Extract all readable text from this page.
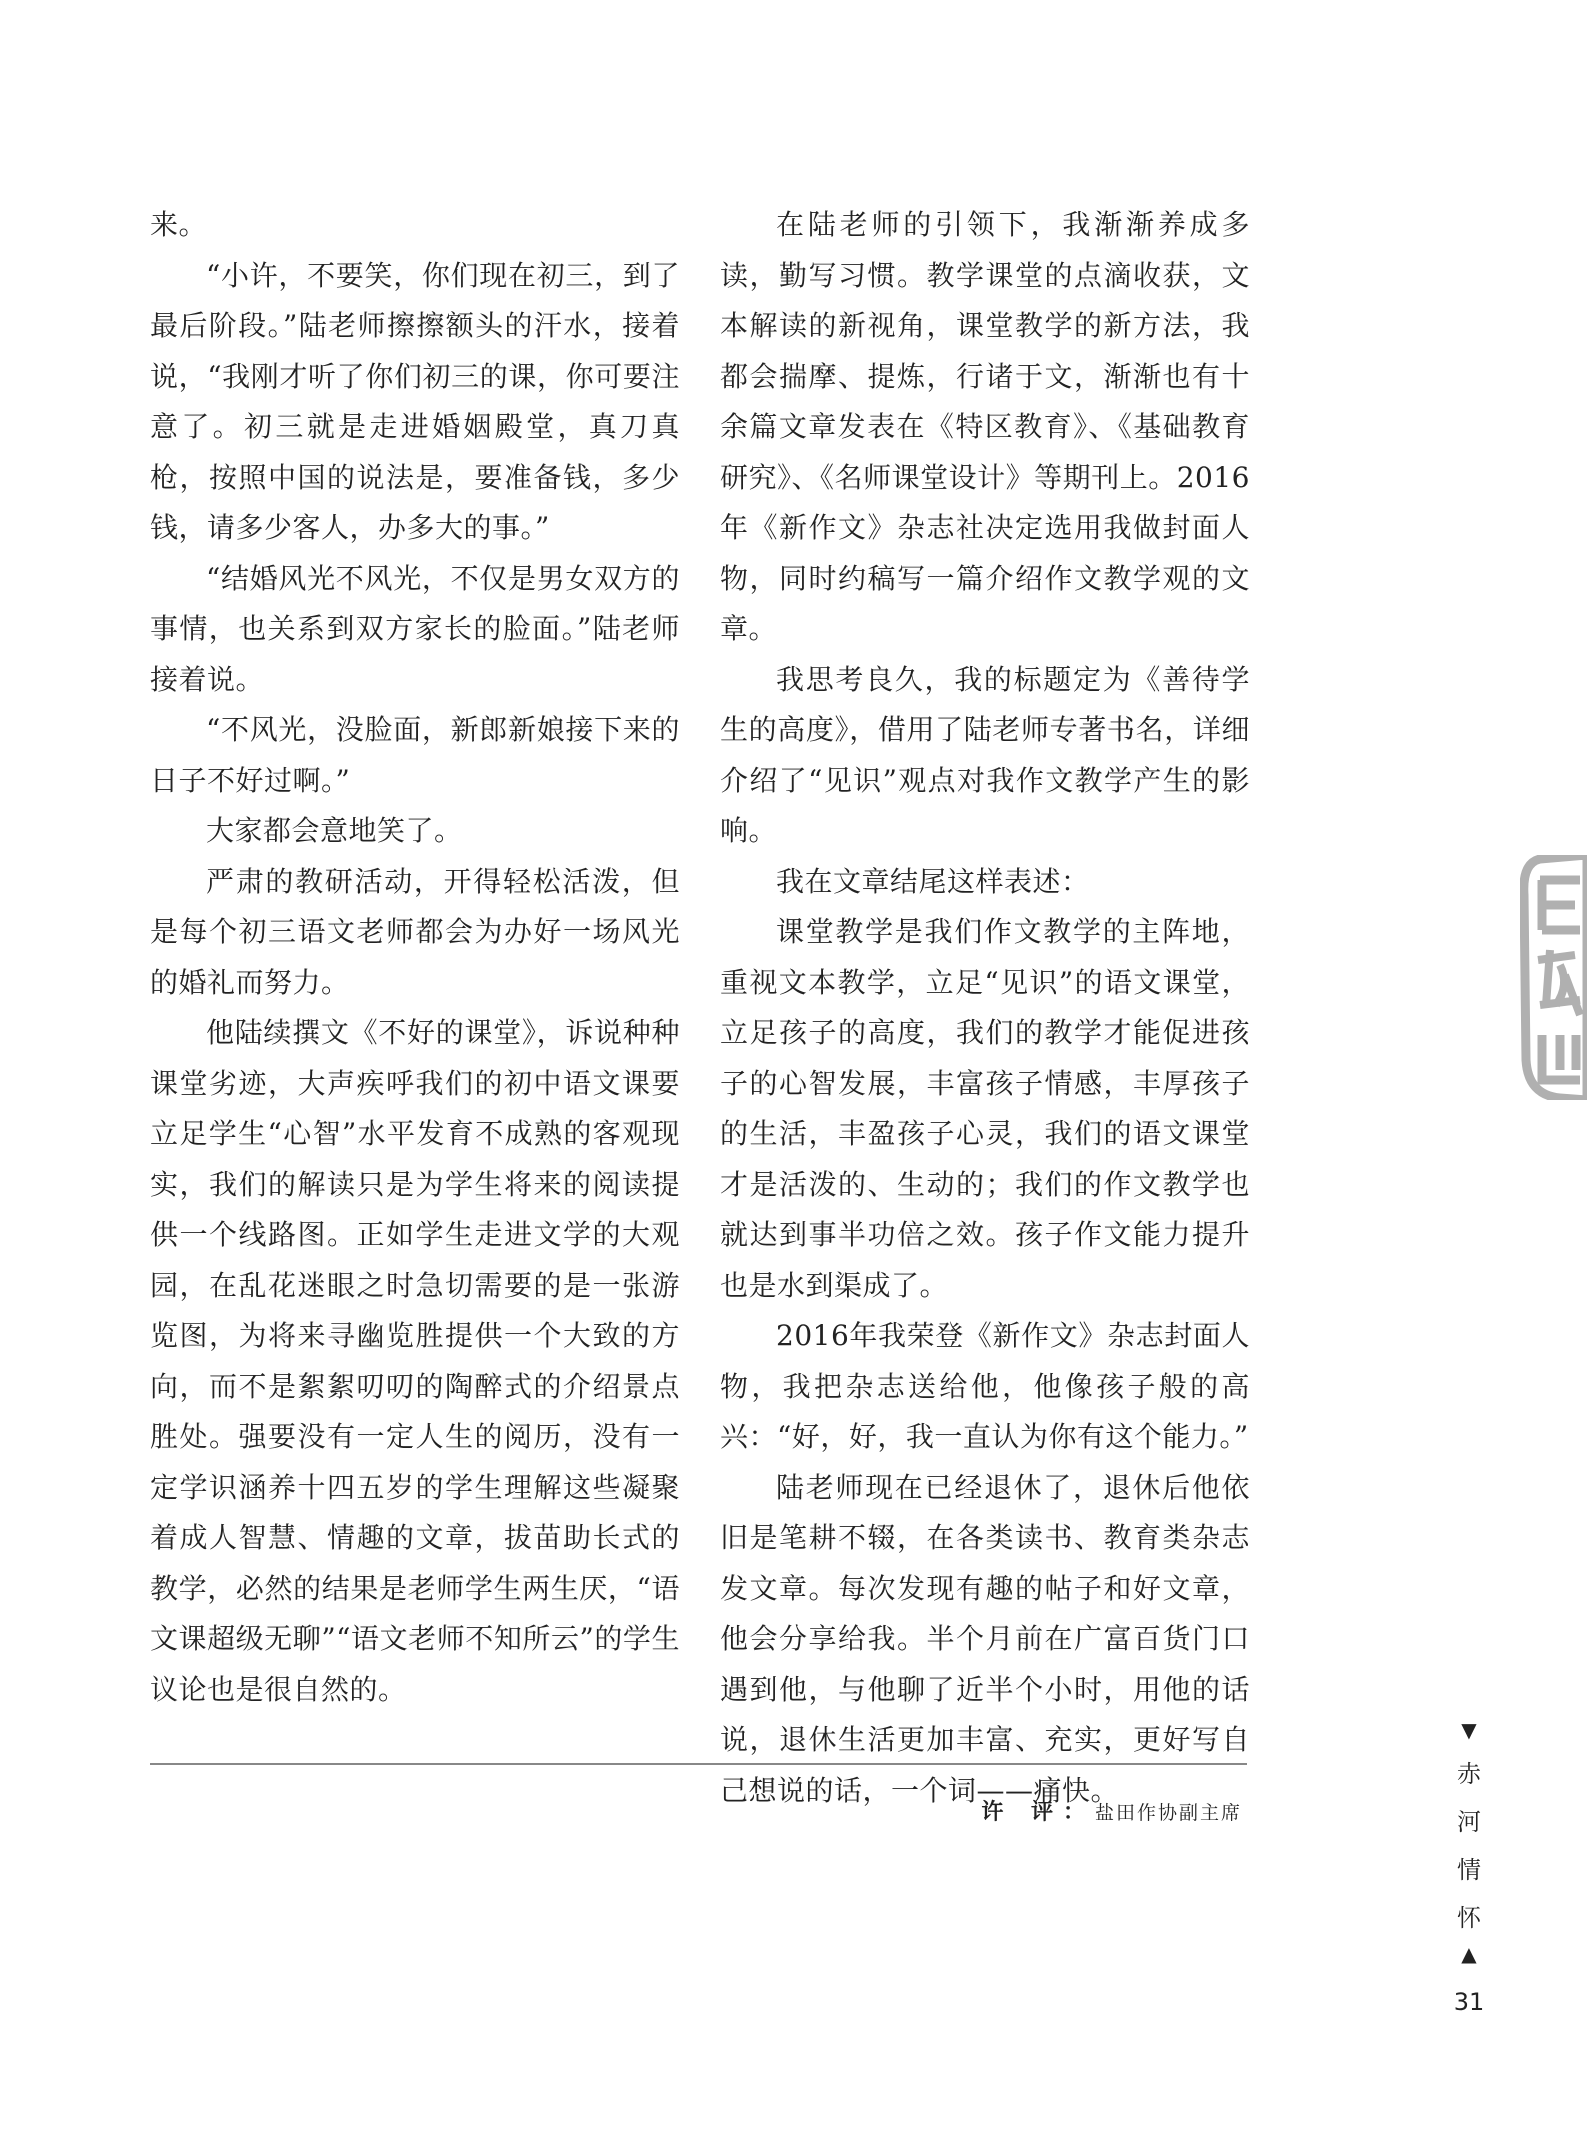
来。

“小许，不要笑，你们现在初三，到了最后阶段。”陆老师擦擦额头的汗水，接着说，“我刚才听了你们初三的课，你可要注意了。初三就是走进婚姻殿堂，真刀真枪，按照中国的说法是，要准备钱，多少钱，请多少客人，办多大的事。”

“结婚风光不风光，不仅是男女双方的事情，也关系到双方家长的脸面。”陆老师接着说。

“不风光，没脸面，新郎新娘接下来的日子不好过啊。”

大家都会意地笑了。

严肃的教研活动，开得轻松活泼，但是每个初三语文老师都会为办好一场风光的婚礼而努力。

他陆续撰文《不好的课堂》，诉说种种课堂劣迹，大声疾呼我们的初中语文课要立足学生“心智”水平发育不成熟的客观现实，我们的解读只是为学生将来的阅读提供一个线路图。正如学生走进文学的大观园，在乱花迷眼之时急切需要的是一张游览图，为将来寻幽览胜提供一个大致的方向，而不是絮絮叨叨的陶醉式的介绍景点胜处。强要没有一定人生的阅历，没有一定学识涵养十四五岁的学生理解这些凝聚着成人智慧、情趣的文章，拔苗助长式的教学，必然的结果是老师学生两生厌，“语文课超级无聊”“语文老师不知所云”的学生议论也是很自然的。

在陆老师的引领下，我渐渐养成多读，勤写习惯。教学课堂的点滴收获，文本解读的新视角，课堂教学的新方法，我都会揣摩、提炼，行诸于文，渐渐也有十余篇文章发表在《特区教育》、《基础教育研究》、《名师课堂设计》等期刊上。2016年《新作文》杂志社决定选用我做封面人物，同时约稿写一篇介绍作文教学观的文章。

我思考良久，我的标题定为《善待学生的高度》，借用了陆老师专著书名，详细介绍了“见识”观点对我作文教学产生的影响。

我在文章结尾这样表述：

课堂教学是我们作文教学的主阵地，重视文本教学，立足“见识”的语文课堂，立足孩子的高度，我们的教学才能促进孩子的心智发展，丰富孩子情感，丰厚孩子的生活，丰盈孩子心灵，我们的语文课堂才是活泼的、生动的；我们的作文教学也就达到事半功倍之效。孩子作文能力提升也是水到渠成了。

2016年我荣登《新作文》杂志封面人物，我把杂志送给他，他像孩子般的高兴：“好，好，我一直认为你有这个能力。”

陆老师现在已经退休了，退休后他依旧是笔耕不辍，在各类读书、教育类杂志发文章。每次发现有趣的帖子和好文章，他会分享给我。半个月前在广富百货门口遇到他，与他聊了近半个小时，用他的话说，退休生活更加丰富、充实，更好写自己想说的话，一个词——痛快。

许 评：盐田作协副主席
▼
赤
河
情
怀
▲
31
